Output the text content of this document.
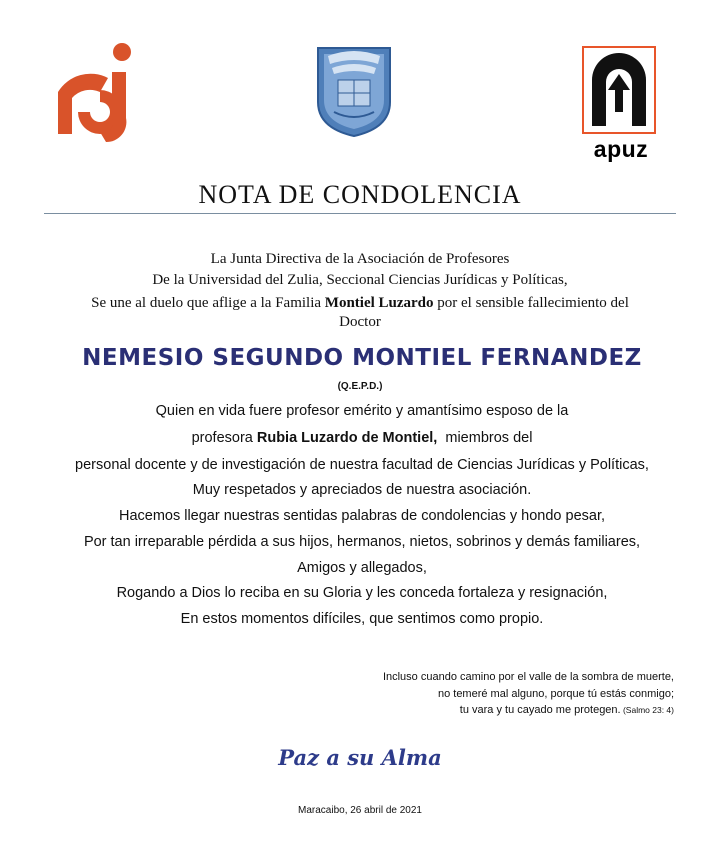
apuz
NOTA DE CONDOLENCIA
La Junta Directiva de la Asociación de Profesores
De la Universidad del Zulia, Seccional Ciencias Jurídicas y Políticas,
Se une al duelo que aflige a la Familia Montiel Luzardo por el sensible fallecimiento del
Doctor
NEMESIO SEGUNDO MONTIEL FERNANDEZ
(Q.E.P.D.)
Quien en vida fuere profesor emérito y amantísimo esposo de la
profesora Rubia Luzardo de Montiel,  miembros del
personal docente y de investigación de nuestra facultad de Ciencias Jurídicas y Políticas,
Muy respetados y apreciados de nuestra asociación.
Hacemos llegar nuestras sentidas palabras de condolencias y hondo pesar,
Por tan irreparable pérdida a sus hijos, hermanos, nietos, sobrinos y demás familiares,
Amigos y allegados,
Rogando a Dios lo reciba en su Gloria y les conceda fortaleza y resignación,
En estos momentos difíciles, que sentimos como propio.
Incluso cuando camino por el valle de la sombra de muerte,
no temeré mal alguno, porque tú estás conmigo;
tu vara y tu cayado me protegen. (Salmo 23: 4)
Paz a su Alma
Maracaibo, 26 abril de 2021
